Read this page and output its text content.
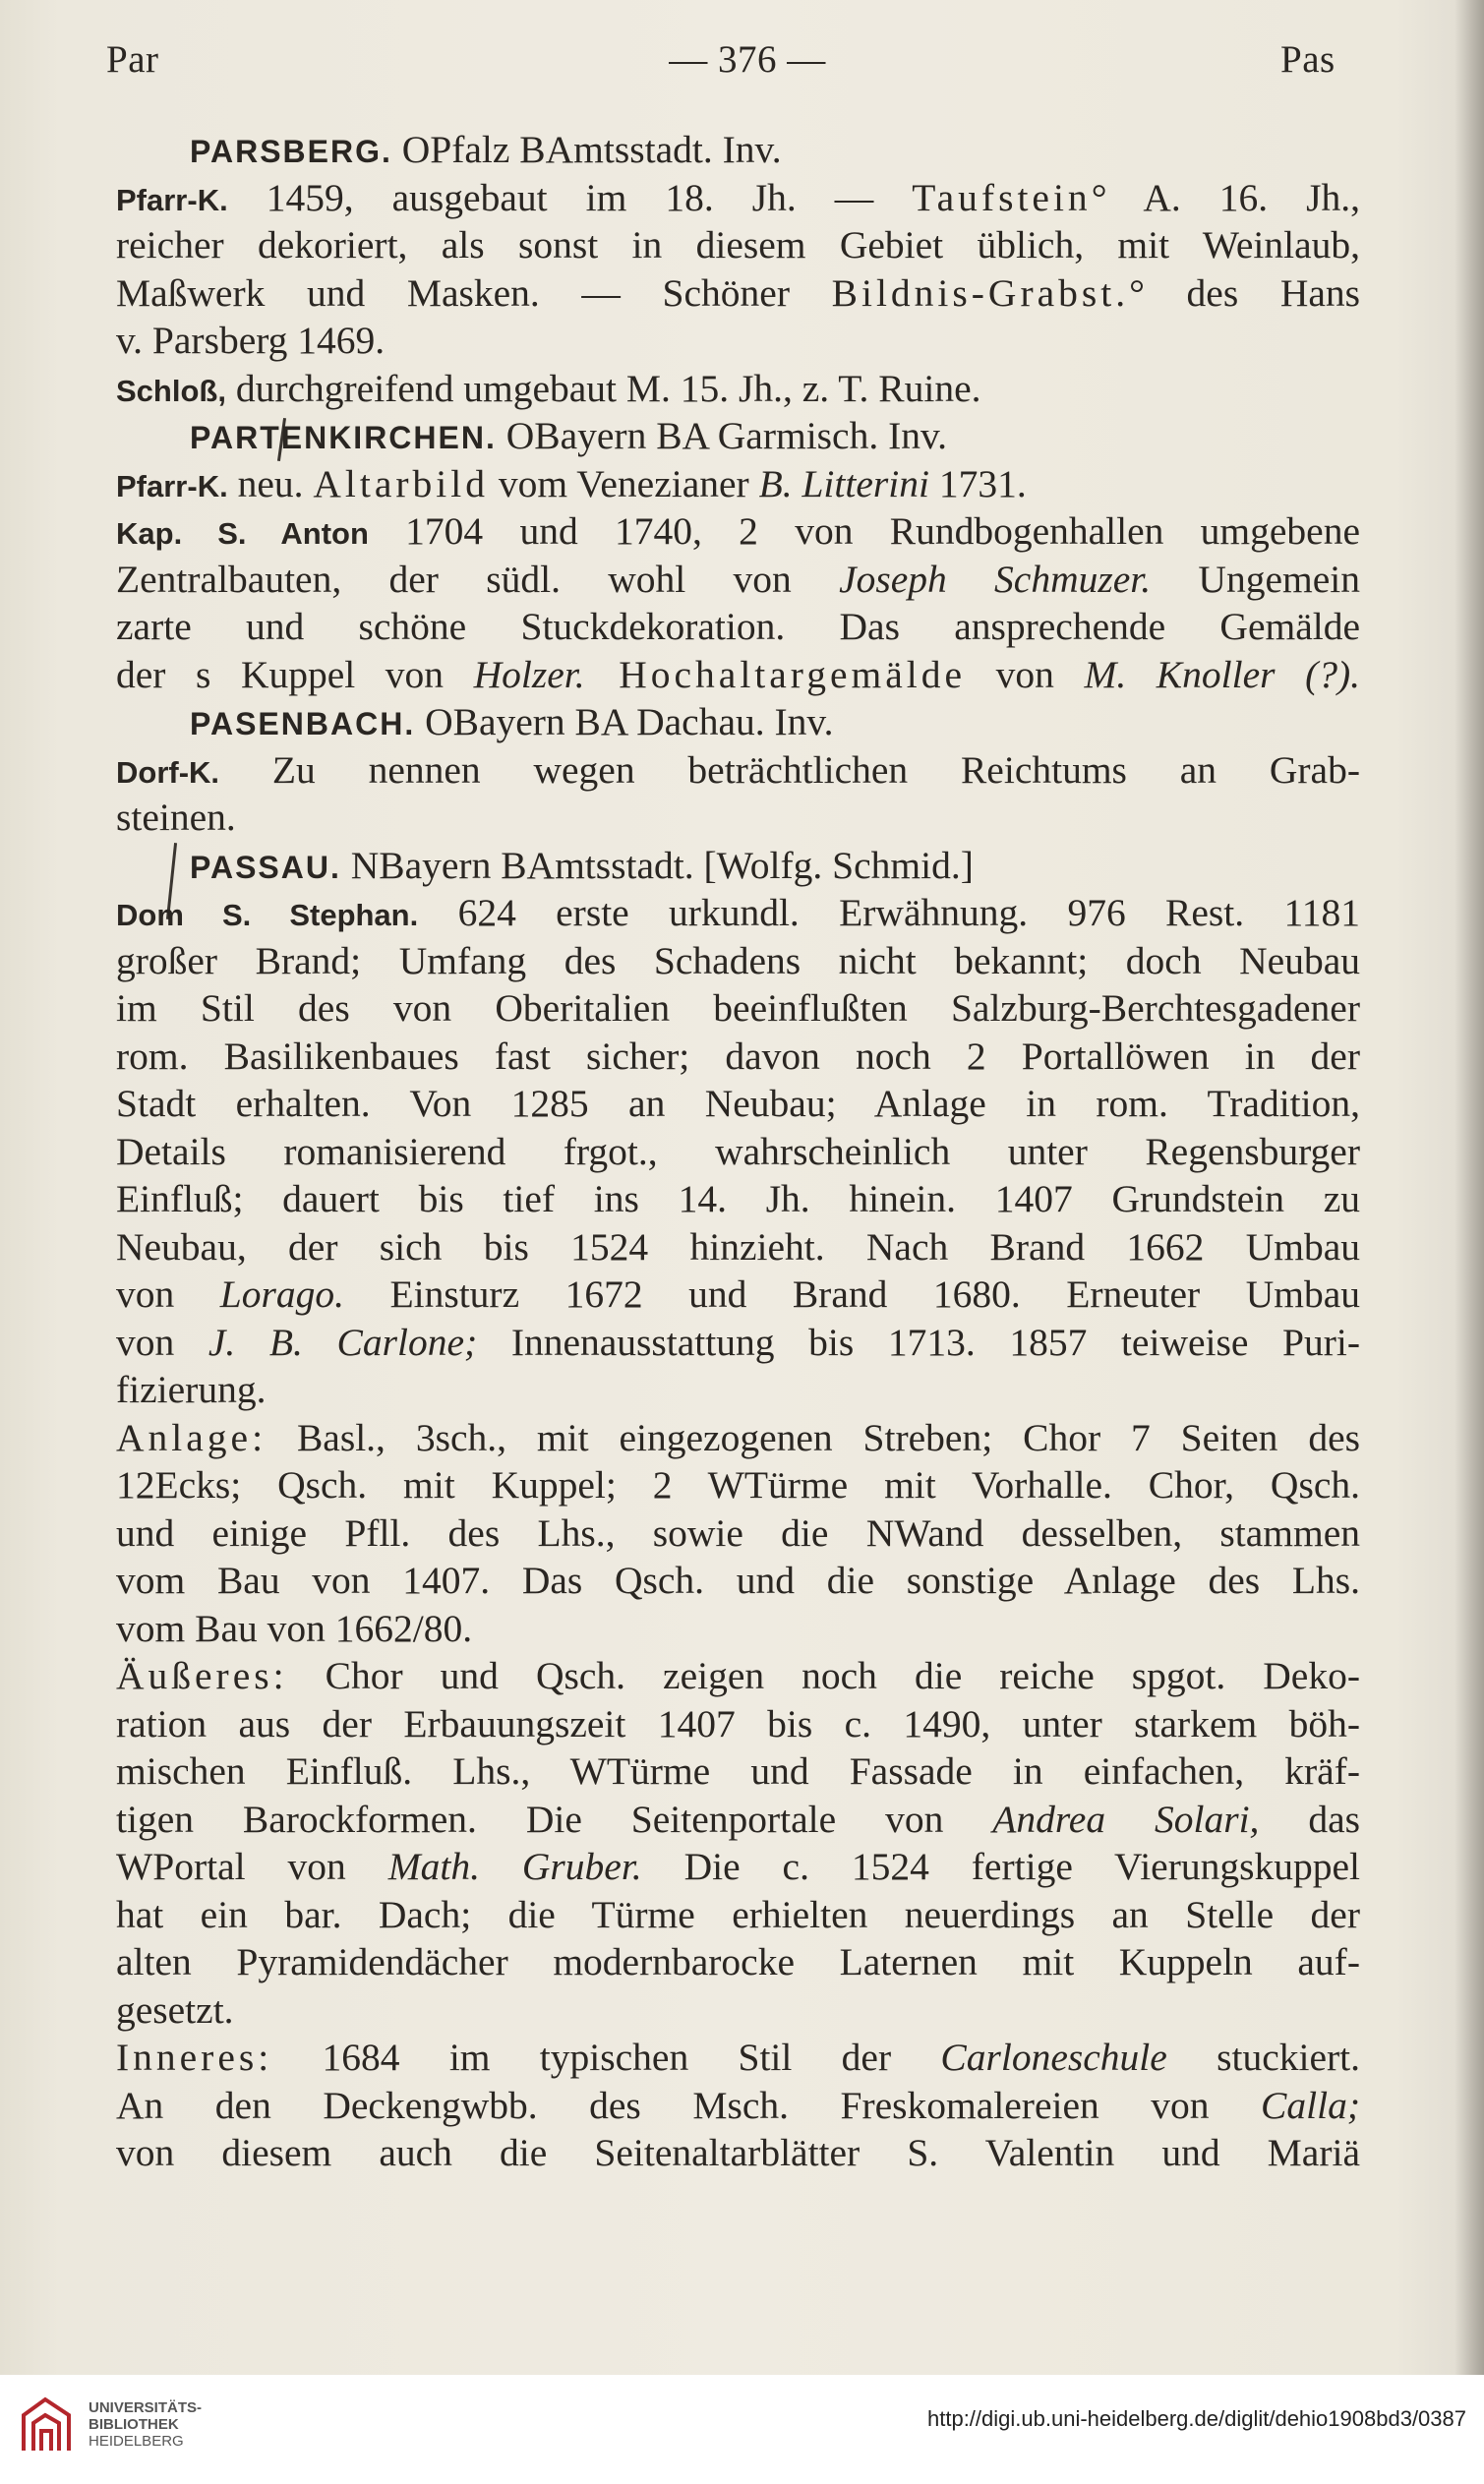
Par	— 376 —	Pas
PARSBERG. OPfalz BAmtsstadt. Inv.
Pfarr-K. 1459, ausgebaut im 18. Jh. — Taufstein° A. 16. Jh.,
reicher dekoriert, als sonst in diesem Gebiet üblich, mit Weinlaub,
Maßwerk und Masken. — Schöner Bildnis-Grabst.° des Hans
v. Parsberg 1469.
Schloß, durchgreifend umgebaut M. 15. Jh., z. T. Ruine.
PARTENKIRCHEN. OBayern BA Garmisch. Inv.
Pfarr-K. neu. Altarbild vom Venezianer B. Litterini 1731.
Kap. S. Anton 1704 und 1740, 2 von Rundbogenhallen umgebene
Zentralbauten, der südl. wohl von Joseph Schmuzer. Ungemein
zarte und schöne Stuckdekoration. Das ansprechende Gemälde
der s Kuppel von Holzer. Hochaltargemälde von M. Knoller (?).
PASENBACH. OBayern BA Dachau. Inv.
Dorf-K. Zu nennen wegen beträchtlichen Reichtums an Grab-
steinen.
PASSAU. NBayern BAmtsstadt. [Wolfg. Schmid.]
Dom S. Stephan. 624 erste urkundl. Erwähnung. 976 Rest. 1181
großer Brand; Umfang des Schadens nicht bekannt; doch Neubau
im Stil des von Oberitalien beeinflußten Salzburg-Berchtesgadener
rom. Basilikenbaues fast sicher; davon noch 2 Portallöwen in der
Stadt erhalten. Von 1285 an Neubau; Anlage in rom. Tradition,
Details romanisierend frgot., wahrscheinlich unter Regensburger
Einfluß; dauert bis tief ins 14. Jh. hinein. 1407 Grundstein zu
Neubau, der sich bis 1524 hinzieht. Nach Brand 1662 Umbau
von Lorago. Einsturz 1672 und Brand 1680. Erneuter Umbau
von J. B. Carlone; Innenausstattung bis 1713. 1857 teiweise Puri-
fizierung.
Anlage: Basl., 3sch., mit eingezogenen Streben; Chor 7 Seiten des
12Ecks; Qsch. mit Kuppel; 2 WTürme mit Vorhalle. Chor, Qsch.
und einige Pfll. des Lhs., sowie die NWand desselben, stammen
vom Bau von 1407. Das Qsch. und die sonstige Anlage des Lhs.
vom Bau von 1662/80.
Äußeres: Chor und Qsch. zeigen noch die reiche spgot. Deko-
ration aus der Erbauungszeit 1407 bis c. 1490, unter starkem böh-
mischen Einfluß. Lhs., WTürme und Fassade in einfachen, kräf-
tigen Barockformen. Die Seitenportale von Andrea Solari, das
WPortal von Math. Gruber. Die c. 1524 fertige Vierungskuppel
hat ein bar. Dach; die Türme erhielten neuerdings an Stelle der
alten Pyramidendächer modernbarocke Laternen mit Kuppeln auf-
gesetzt.
Inneres: 1684 im typischen Stil der Carloneschule stuckiert.
An den Deckengwbb. des Msch. Freskomalereien von Calla;
von diesem auch die Seitenaltarblätter S. Valentin und Mariä
UNIVERSITÄTS-
BIBLIOTHEK
HEIDELBERG
http://digi.ub.uni-heidelberg.de/diglit/dehio1908bd3/0387
